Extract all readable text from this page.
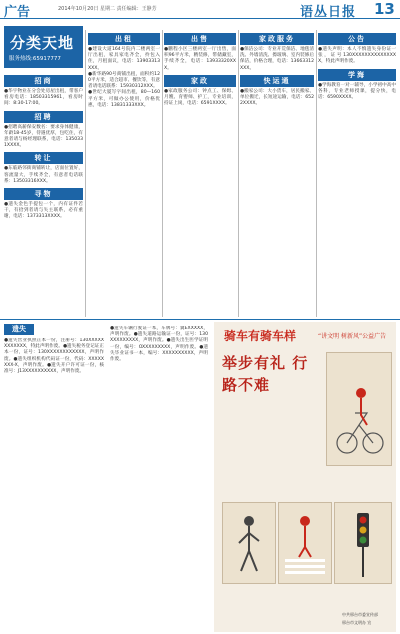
广告	2014年10月20日 星期二 责任编辑：王静芳	语丛日报 13
分类天地
服务热线:65917777
招商
●华宇物业在分会处房屋出租，带客户看房电话：18503315961，看房时间：8:30-17:00。
招聘
●招聘高薪保安数名：要求身体健康，年龄18-45岁，待遇优厚，包吃住，有意者请与杨经理联系，电话：1350331XXXX。
转让
●东临路邻街商铺转让，店面位置好，客流量大，手续齐全，有意者电话联系：13503316XXX。
寻物
●遗失金色手提包一个，内有证件若干，有拾到者请与失主联系，必有重谢，电话：1373313XXXX。
出租
●建设大道164号院内二楼两室一厅出租，家具家电齐全，拎包入住，月租面议，电话：13903313XXX。
●新华路90号商铺出租，面积约120平方米，适合超市、餐饮等，有意者请电话联系：15930312XXX。
●世纪大厦写字间出租，80—160平方米，可做办公使用，价格优惠，电话：13831333XXX。
出售
●鹏程小区三楼两室一厅出售，面积96平方米，精装修，带储藏室，手续齐全，电话：13933320XXX。
家政
●家政服务公司：钟点工、保姆、月嫂、育婴师、护工，专业培训，持证上岗，电话：6591XXXX。
家政服务
●保洁公司：专业开荒保洁、地毯清洗、外墙清洗、擦玻璃、室内装修后保洁，价格合理，电话：13663312XXX。
快运通
●搬家公司：大小货车，居民搬家、单位搬迁，长短途运输，电话：6522XXXX。
公告
●遗失声明：本人不慎遗失身份证一张，证号130XXXXXXXXXXXXXXX，特此声明作废。
学海
●学海教育一对一辅导，小学初中高中各科，专业老师授课，提分快，电话：6590XXXX。
遗失
●遗失营业执照正本一份，注册号：130XXXXXXXXXXXX，特此声明作废。●遗失税务登记证正本一份，证号：130XXXXXXXXXXXX，声明作废。●遗失组织机构代码证一份，代码：XXXXXXXX-X，声明作废。●遗失开户许可证一份，核准号：J13XXXXXXXXXX，声明作废。
●遗失车辆行驶证一本，车牌号：冀EXXXXX，声明作废。●遗失道路运输证一份，证号：130XXXXXXXXX，声明作废。●遗失出生医学证明一份，编号：OXXXXXXXXX，声明作废。●遗失毕业证书一本，编号：XXXXXXXXXX，声明作废。
骑车有骑车样	“讲文明 树新风”公益广告
举步有礼 行路不难
中共邢台市委宣传部
邢台市文明办 宣
